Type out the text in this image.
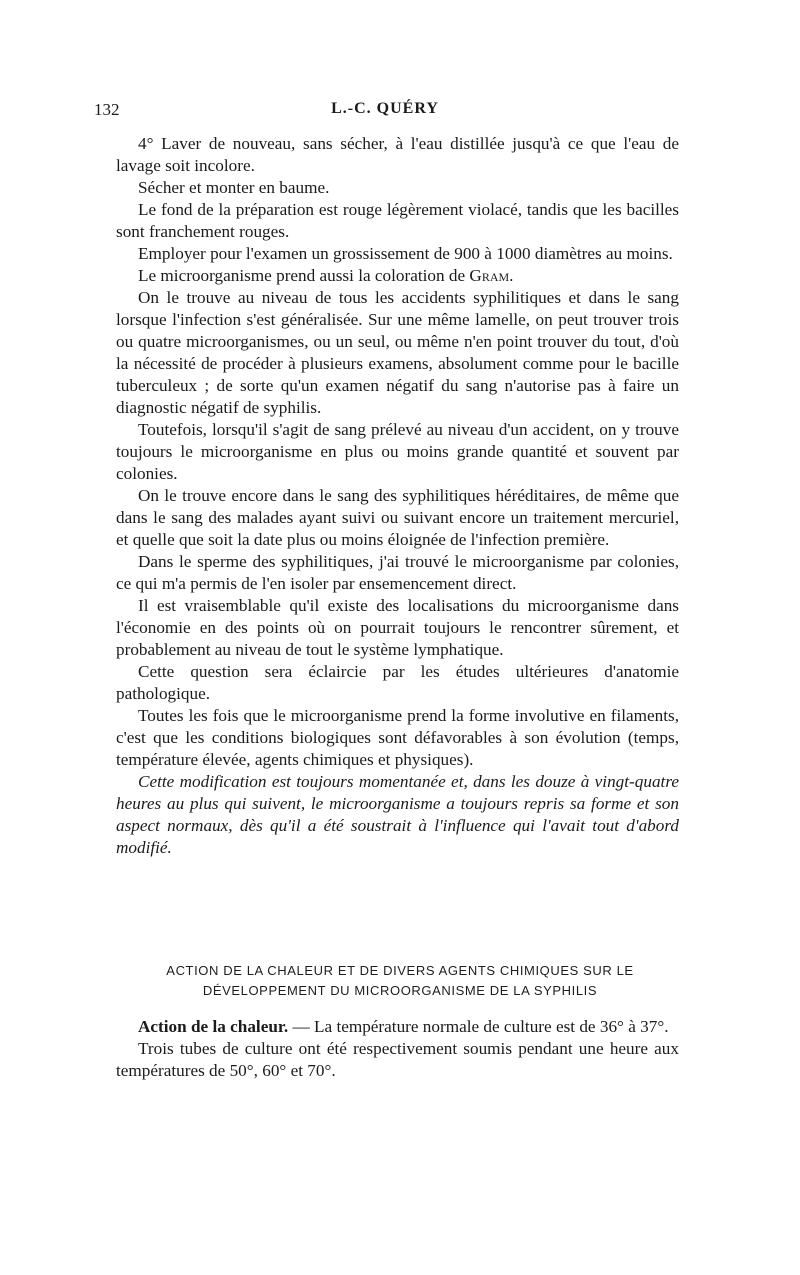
132	L.-C. QUÉRY

4° Laver de nouveau, sans sécher, à l'eau distillée jusqu'à ce que l'eau de lavage soit incolore.

Sécher et monter en baume.

Le fond de la préparation est rouge légèrement violacé, tandis que les bacilles sont franchement rouges.

Employer pour l'examen un grossissement de 900 à 1000 diamètres au moins.

Le microorganisme prend aussi la coloration de Gram.

On le trouve au niveau de tous les accidents syphilitiques et dans le sang lorsque l'infection s'est généralisée. Sur une même lamelle, on peut trouver trois ou quatre microorganismes, ou un seul, ou même n'en point trouver du tout, d'où la nécessité de procéder à plusieurs examens, absolument comme pour le bacille tuberculeux ; de sorte qu'un examen négatif du sang n'autorise pas à faire un diagnostic négatif de syphilis.

Toutefois, lorsqu'il s'agit de sang prélevé au niveau d'un accident, on y trouve toujours le microorganisme en plus ou moins grande quantité et souvent par colonies.

On le trouve encore dans le sang des syphilitiques héréditaires, de même que dans le sang des malades ayant suivi ou suivant encore un traitement mercuriel, et quelle que soit la date plus ou moins éloignée de l'infection première.

Dans le sperme des syphilitiques, j'ai trouvé le microorganisme par colonies, ce qui m'a permis de l'en isoler par ensemencement direct.

Il est vraisemblable qu'il existe des localisations du microorganisme dans l'économie en des points où on pourrait toujours le rencontrer sûrement, et probablement au niveau de tout le système lymphatique.

Cette question sera éclaircie par les études ultérieures d'anatomie pathologique.

Toutes les fois que le microorganisme prend la forme involutive en filaments, c'est que les conditions biologiques sont défavorables à son évolution (temps, température élevée, agents chimiques et physiques).

Cette modification est toujours momentanée et, dans les douze à vingt-quatre heures au plus qui suivent, le microorganisme a toujours repris sa forme et son aspect normaux, dès qu'il a été soustrait à l'influence qui l'avait tout d'abord modifié.

ACTION DE LA CHALEUR ET DE DIVERS AGENTS CHIMIQUES SUR LE
DÉVELOPPEMENT DU MICROORGANISME DE LA SYPHILIS

Action de la chaleur. — La température normale de culture est de 36° à 37°.

Trois tubes de culture ont été respectivement soumis pendant une heure aux températures de 50°, 60° et 70°.
